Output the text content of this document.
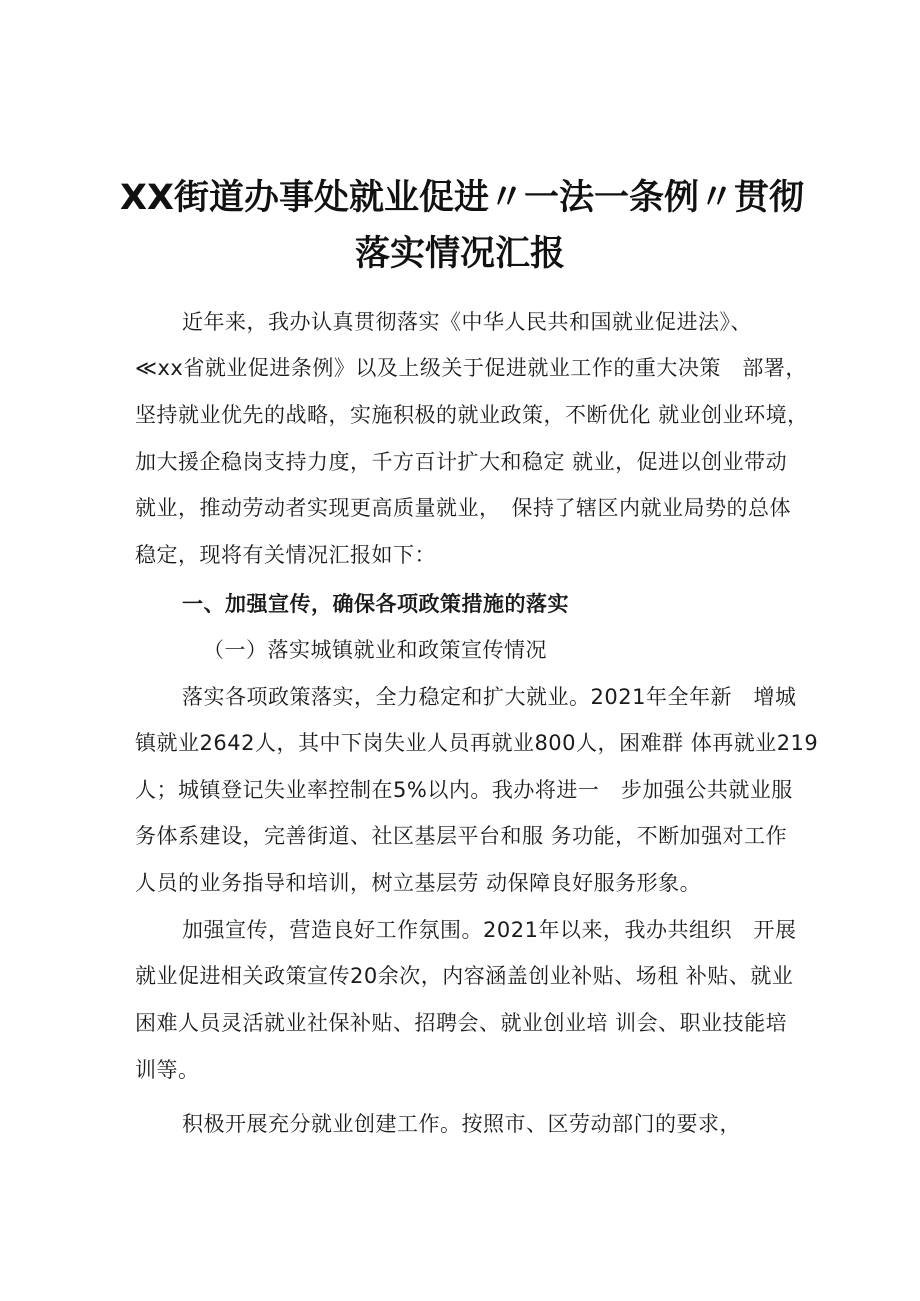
XX街道办事处就业促进〃一法一条例〃贯彻
落实情况汇报
近年来，我办认真贯彻落实《中华人民共和国就业促进法》、
≪xx省就业促进条例》以及上级关于促进就业工作的重大决策　部署，
坚持就业优先的战略，实施积极的就业政策，不断优化 就业创业环境，
加大援企稳岗支持力度，千方百计扩大和稳定 就业，促进以创业带动
就业，推动劳动者实现更高质量就业，　保持了辖区内就业局势的总体
稳定，现将有关情况汇报如下：
一、加强宣传，确保各项政策措施的落实
（一）落实城镇就业和政策宣传情况
落实各项政策落实，全力稳定和扩大就业。2021年全年新　增城
镇就业2642人，其中下岗失业人员再就业800人，困难群 体再就业219
人；城镇登记失业率控制在5%以内。我办将进一　步加强公共就业服
务体系建设，完善街道、社区基层平台和服 务功能，不断加强对工作
人员的业务指导和培训，树立基层劳 动保障良好服务形象。
加强宣传，营造良好工作氛围。2021年以来，我办共组织　开展
就业促进相关政策宣传20余次，内容涵盖创业补贴、场租 补贴、就业
困难人员灵活就业社保补贴、招聘会、就业创业培 训会、职业技能培
训等。
积极开展充分就业创建工作。按照市、区劳动部门的要求，
